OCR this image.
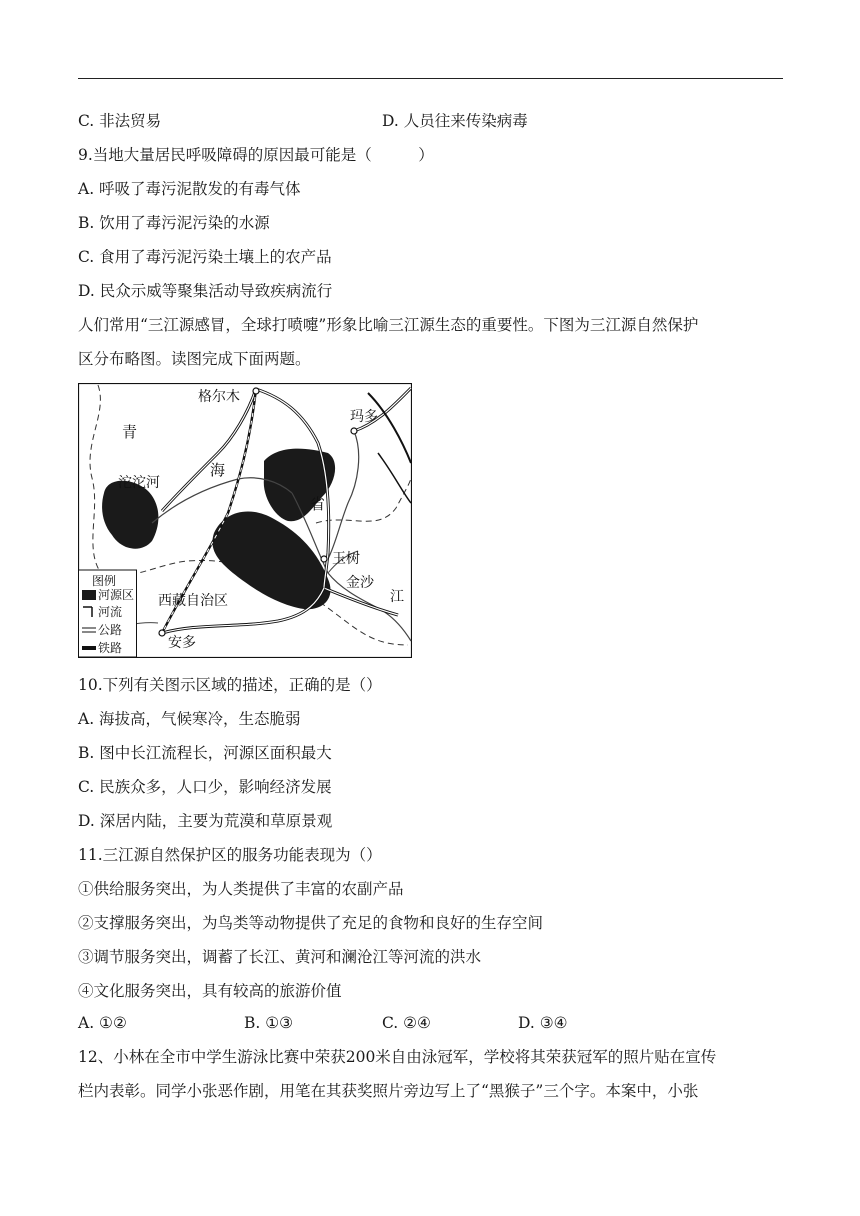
C. 非法贸易	D. 人员往来传染病毒
9.当地大量居民呼吸障碍的原因最可能是（　　　）
A. 呼吸了毒污泥散发的有毒气体
B. 饮用了毒污泥污染的水源
C. 食用了毒污泥污染土壤上的农产品
D. 民众示威等聚集活动导致疾病流行
人们常用“三江源感冒，全球打喷嚏”形象比喻三江源生态的重要性。下图为三江源自然保护
区分布略图。读图完成下面两题。
格尔木
青
海
省
玛多
沱沱河
玉树
金沙
江
西藏自治区
安多
图例
河源区
河流
公路
铁路
10.下列有关图示区域的描述，正确的是（）
A. 海拔高，气候寒冷，生态脆弱
B. 图中长江流程长，河源区面积最大
C. 民族众多，人口少，影响经济发展
D. 深居内陆，主要为荒漠和草原景观
11.三江源自然保护区的服务功能表现为（）
①供给服务突出，为人类提供了丰富的农副产品
②支撑服务突出，为鸟类等动物提供了充足的食物和良好的生存空间
③调节服务突出，调蓄了长江、黄河和澜沧江等河流的洪水
④文化服务突出，具有较高的旅游价值
A. ①②	B. ①③	C. ②④	D. ③④
12、小林在全市中学生游泳比赛中荣获200米自由泳冠军，学校将其荣获冠军的照片贴在宣传
栏内表彰。同学小张恶作剧，用笔在其获奖照片旁边写上了“黑猴子”三个字。本案中，小张
